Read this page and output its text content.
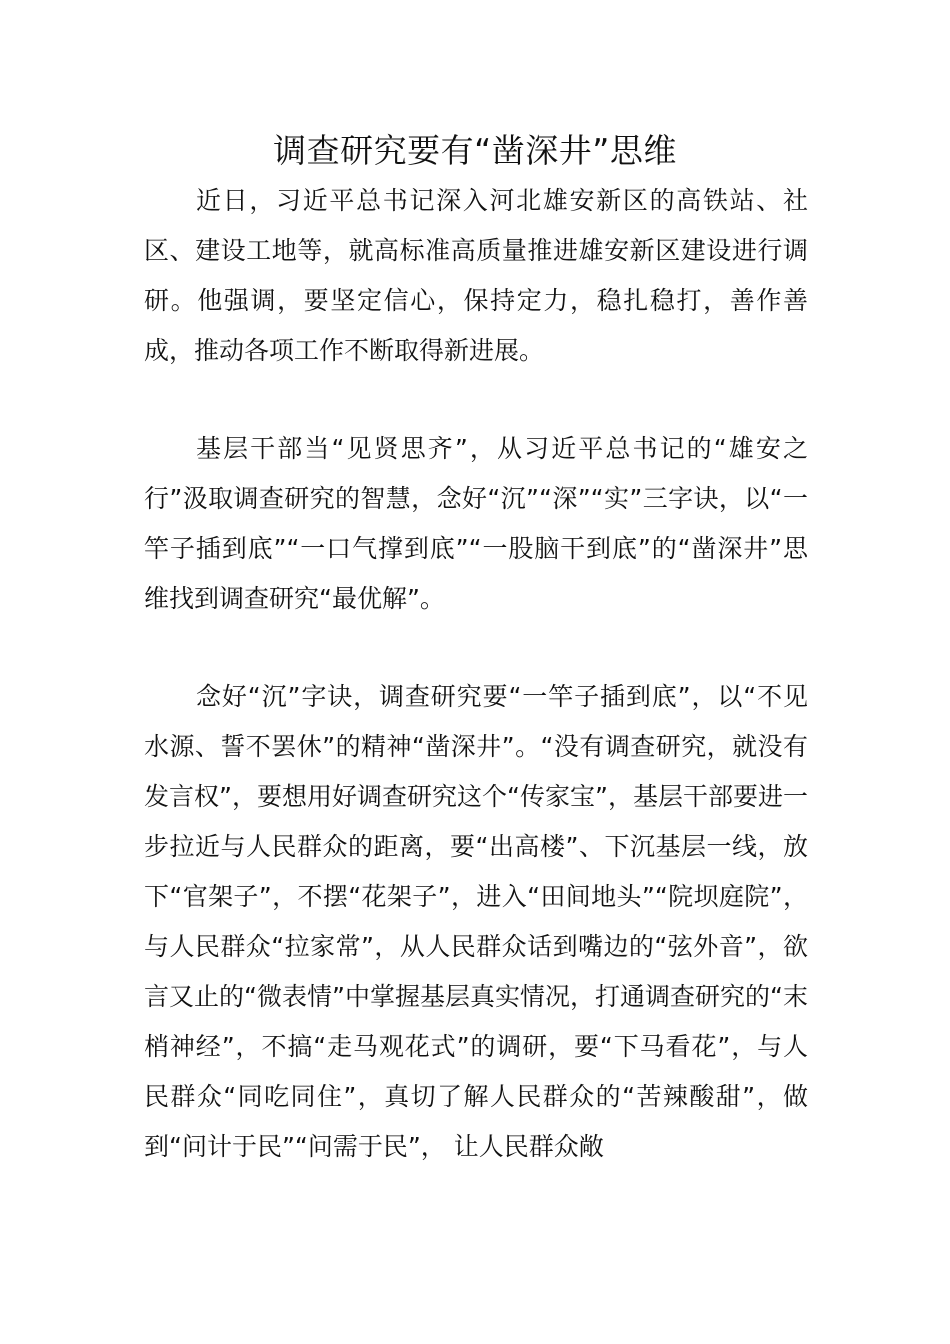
调查研究要有“凿深井”思维

近日，习近平总书记深入河北雄安新区的高铁站、社区、建设工地等，就高标准高质量推进雄安新区建设进行调研。他强调，要坚定信心，保持定力，稳扎稳打，善作善成，推动各项工作不断取得新进展。

基层干部当“见贤思齐”，从习近平总书记的“雄安之行”汲取调查研究的智慧，念好“沉”“深”“实”三字诀，以“一竿子插到底”“一口气撑到底”“一股脑干到底”的“凿深井”思维找到调查研究“最优解”。

念好“沉”字诀，调查研究要“一竿子插到底”，以“不见水源、誓不罢休”的精神“凿深井”。“没有调查研究，就没有发言权”，要想用好调查研究这个“传家宝”，基层干部要进一步拉近与人民群众的距离，要“出高楼”、下沉基层一线，放下“官架子”，不摆“花架子”，进入“田间地头”“院坝庭院”，与人民群众“拉家常”，从人民群众话到嘴边的“弦外音”，欲言又止的“微表情”中掌握基层真实情况，打通调查研究的“末梢神经”，不搞“走马观花式”的调研，要“下马看花”，与人民群众“同吃同住”，真切了解人民群众的“苦辣酸甜”，做到“问计于民”“问需于民”， 让人民群众敞
